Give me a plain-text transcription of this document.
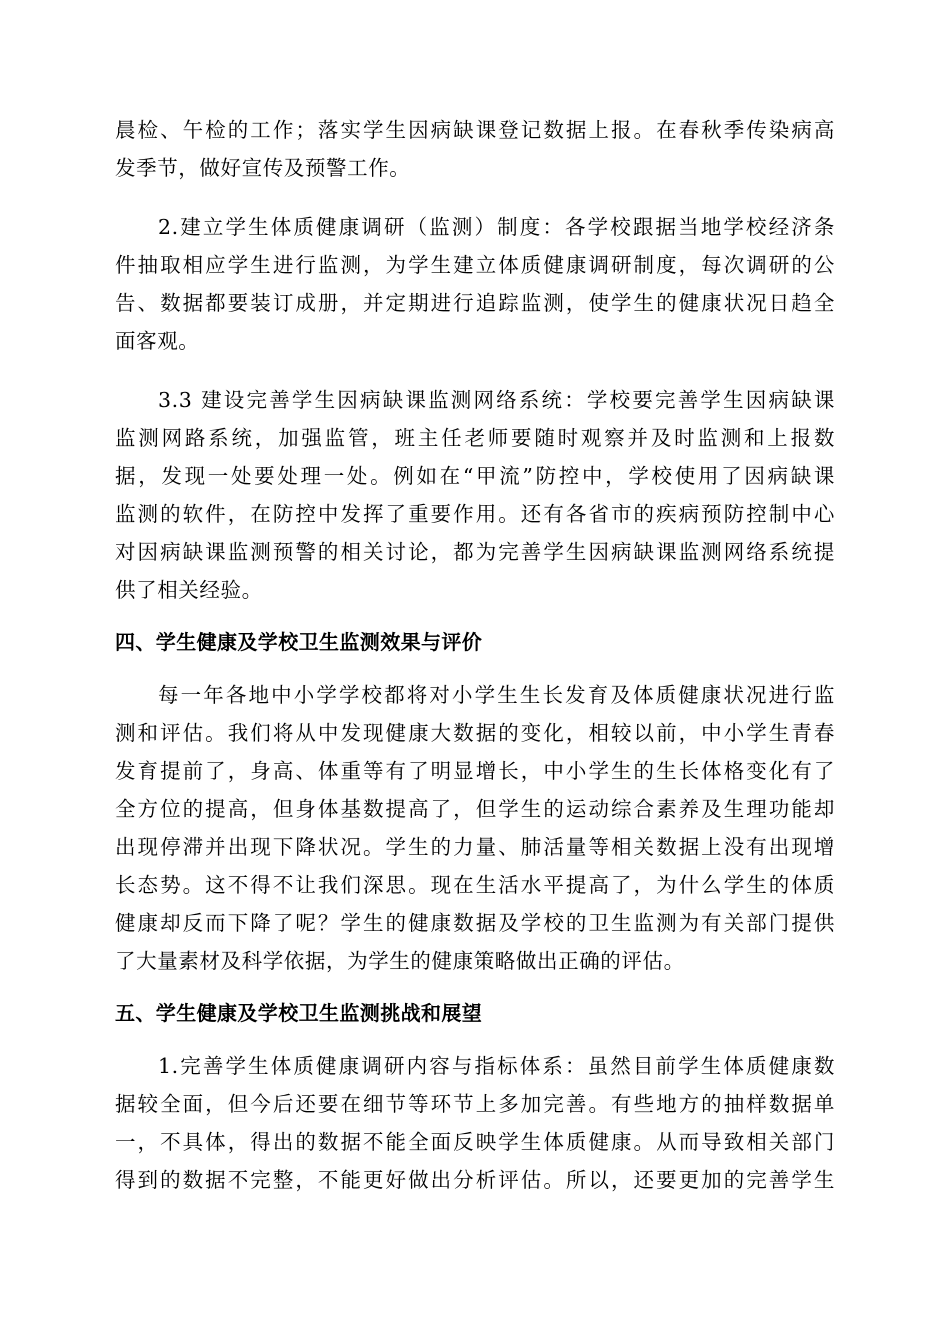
晨检、午检的工作；落实学生因病缺课登记数据上报。在春秋季传染病高
发季节，做好宣传及预警工作。
2.建立学生体质健康调研（监测）制度：各学校跟据当地学校经济条
件抽取相应学生进行监测，为学生建立体质健康调研制度，每次调研的公
告、数据都要装订成册，并定期进行追踪监测，使学生的健康状况日趋全
面客观。
3.3 建设完善学生因病缺课监测网络系统：学校要完善学生因病缺课
监测网路系统，加强监管，班主任老师要随时观察并及时监测和上报数
据，发现一处要处理一处。例如在“甲流”防控中，学校使用了因病缺课
监测的软件，在防控中发挥了重要作用。还有各省市的疾病预防控制中心
对因病缺课监测预警的相关讨论，都为完善学生因病缺课监测网络系统提
供了相关经验。
四、学生健康及学校卫生监测效果与评价
每一年各地中小学学校都将对小学生生长发育及体质健康状况进行监
测和评估。我们将从中发现健康大数据的变化，相较以前，中小学生青春
发育提前了，身高、体重等有了明显增长，中小学生的生长体格变化有了
全方位的提高，但身体基数提高了，但学生的运动综合素养及生理功能却
出现停滞并出现下降状况。学生的力量、肺活量等相关数据上没有出现增
长态势。这不得不让我们深思。现在生活水平提高了，为什么学生的体质
健康却反而下降了呢？学生的健康数据及学校的卫生监测为有关部门提供
了大量素材及科学依据，为学生的健康策略做出正确的评估。
五、学生健康及学校卫生监测挑战和展望
1.完善学生体质健康调研内容与指标体系：虽然目前学生体质健康数
据较全面，但今后还要在细节等环节上多加完善。有些地方的抽样数据单
一，不具体，得出的数据不能全面反映学生体质健康。从而导致相关部门
得到的数据不完整，不能更好做出分析评估。所以，还要更加的完善学生
